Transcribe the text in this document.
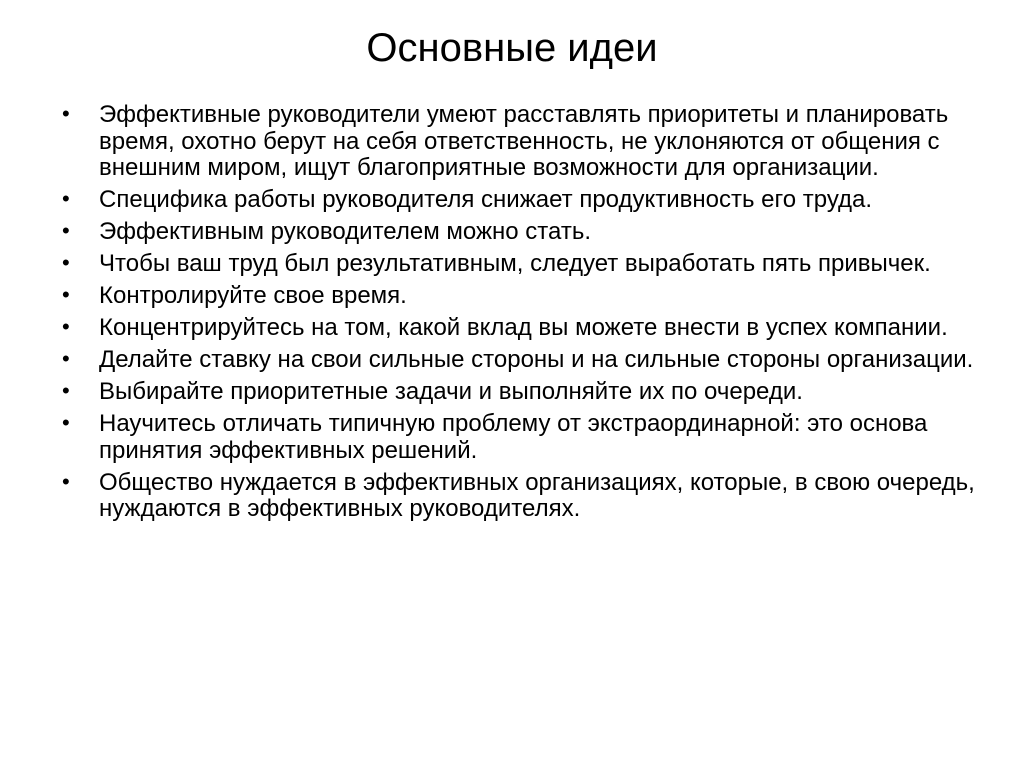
Основные идеи
• Эффективные руководители умеют расставлять приоритеты и планировать время, охотно берут на себя ответственность, не уклоняются от общения с внешним миром, ищут благоприятные возможности для организации.
• Специфика работы руководителя снижает продуктивность его труда.
• Эффективным руководителем можно стать.
• Чтобы ваш труд был результативным, следует выработать пять привычек.
• Контролируйте свое время.
• Концентрируйтесь на том, какой вклад вы можете внести в успех компании.
• Делайте ставку на свои сильные стороны и на сильные стороны организации.
• Выбирайте приоритетные задачи и выполняйте их по очереди.
• Научитесь отличать типичную проблему от экстраординарной: это основа принятия эффективных решений.
• Общество нуждается в эффективных организациях, которые, в свою очередь, нуждаются в эффективных руководителях.
